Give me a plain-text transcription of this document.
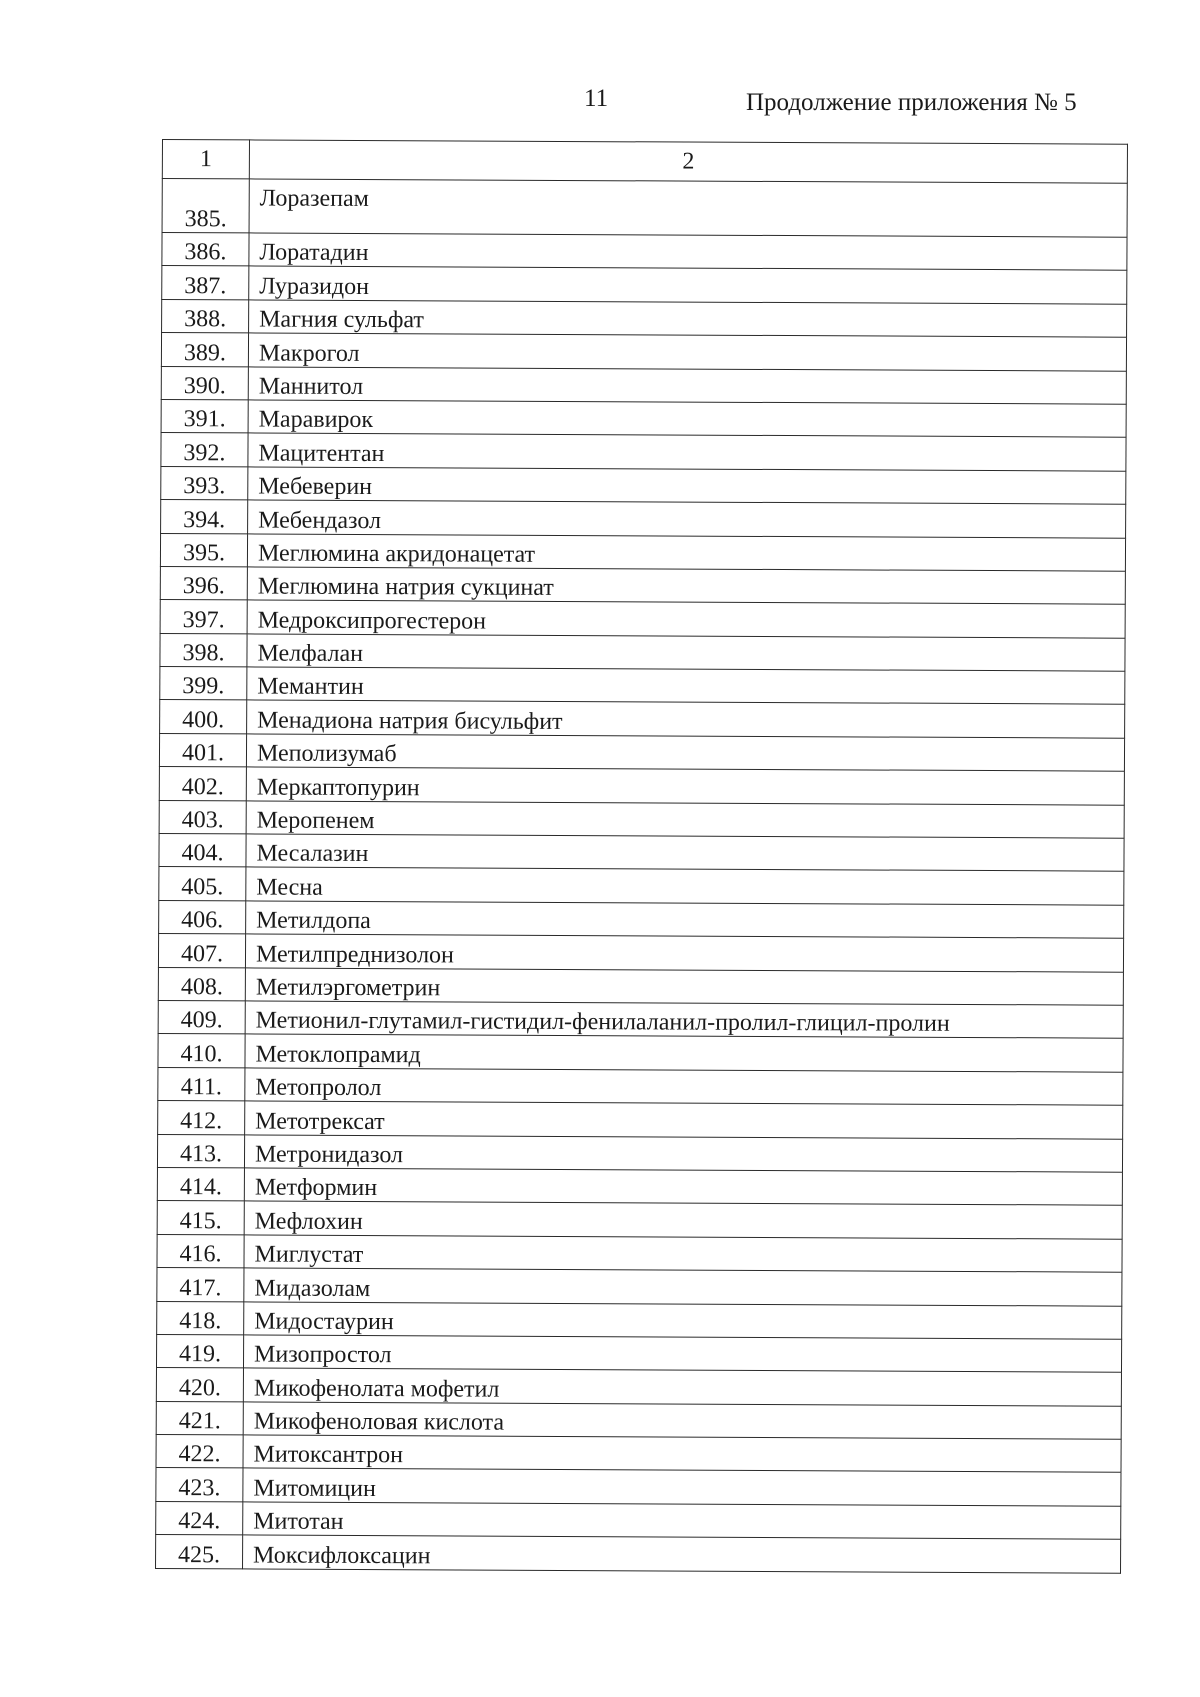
11	Продолжение приложения № 5
1	2
385.	Лоразепам
386.	Лоратадин
387.	Луразидон
388.	Магния сульфат
389.	Макрогол
390.	Маннитол
391.	Маравирок
392.	Мацитентан
393.	Мебеверин
394.	Мебендазол
395.	Меглюмина акридонацетат
396.	Меглюмина натрия сукцинат
397.	Медроксипрогестерон
398.	Мелфалан
399.	Мемантин
400.	Менадиона натрия бисульфит
401.	Меполизумаб
402.	Меркаптопурин
403.	Меропенем
404.	Месалазин
405.	Месна
406.	Метилдопа
407.	Метилпреднизолон
408.	Метилэргометрин
409.	Метионил-глутамил-гистидил-фенилаланил-пролил-глицил-пролин
410.	Метоклопрамид
411.	Метопролол
412.	Метотрексат
413.	Метронидазол
414.	Метформин
415.	Мефлохин
416.	Миглустат
417.	Мидазолам
418.	Мидостаурин
419.	Мизопростол
420.	Микофенолата мофетил
421.	Микофеноловая кислота
422.	Митоксантрон
423.	Митомицин
424.	Митотан
425.	Моксифлоксацин
